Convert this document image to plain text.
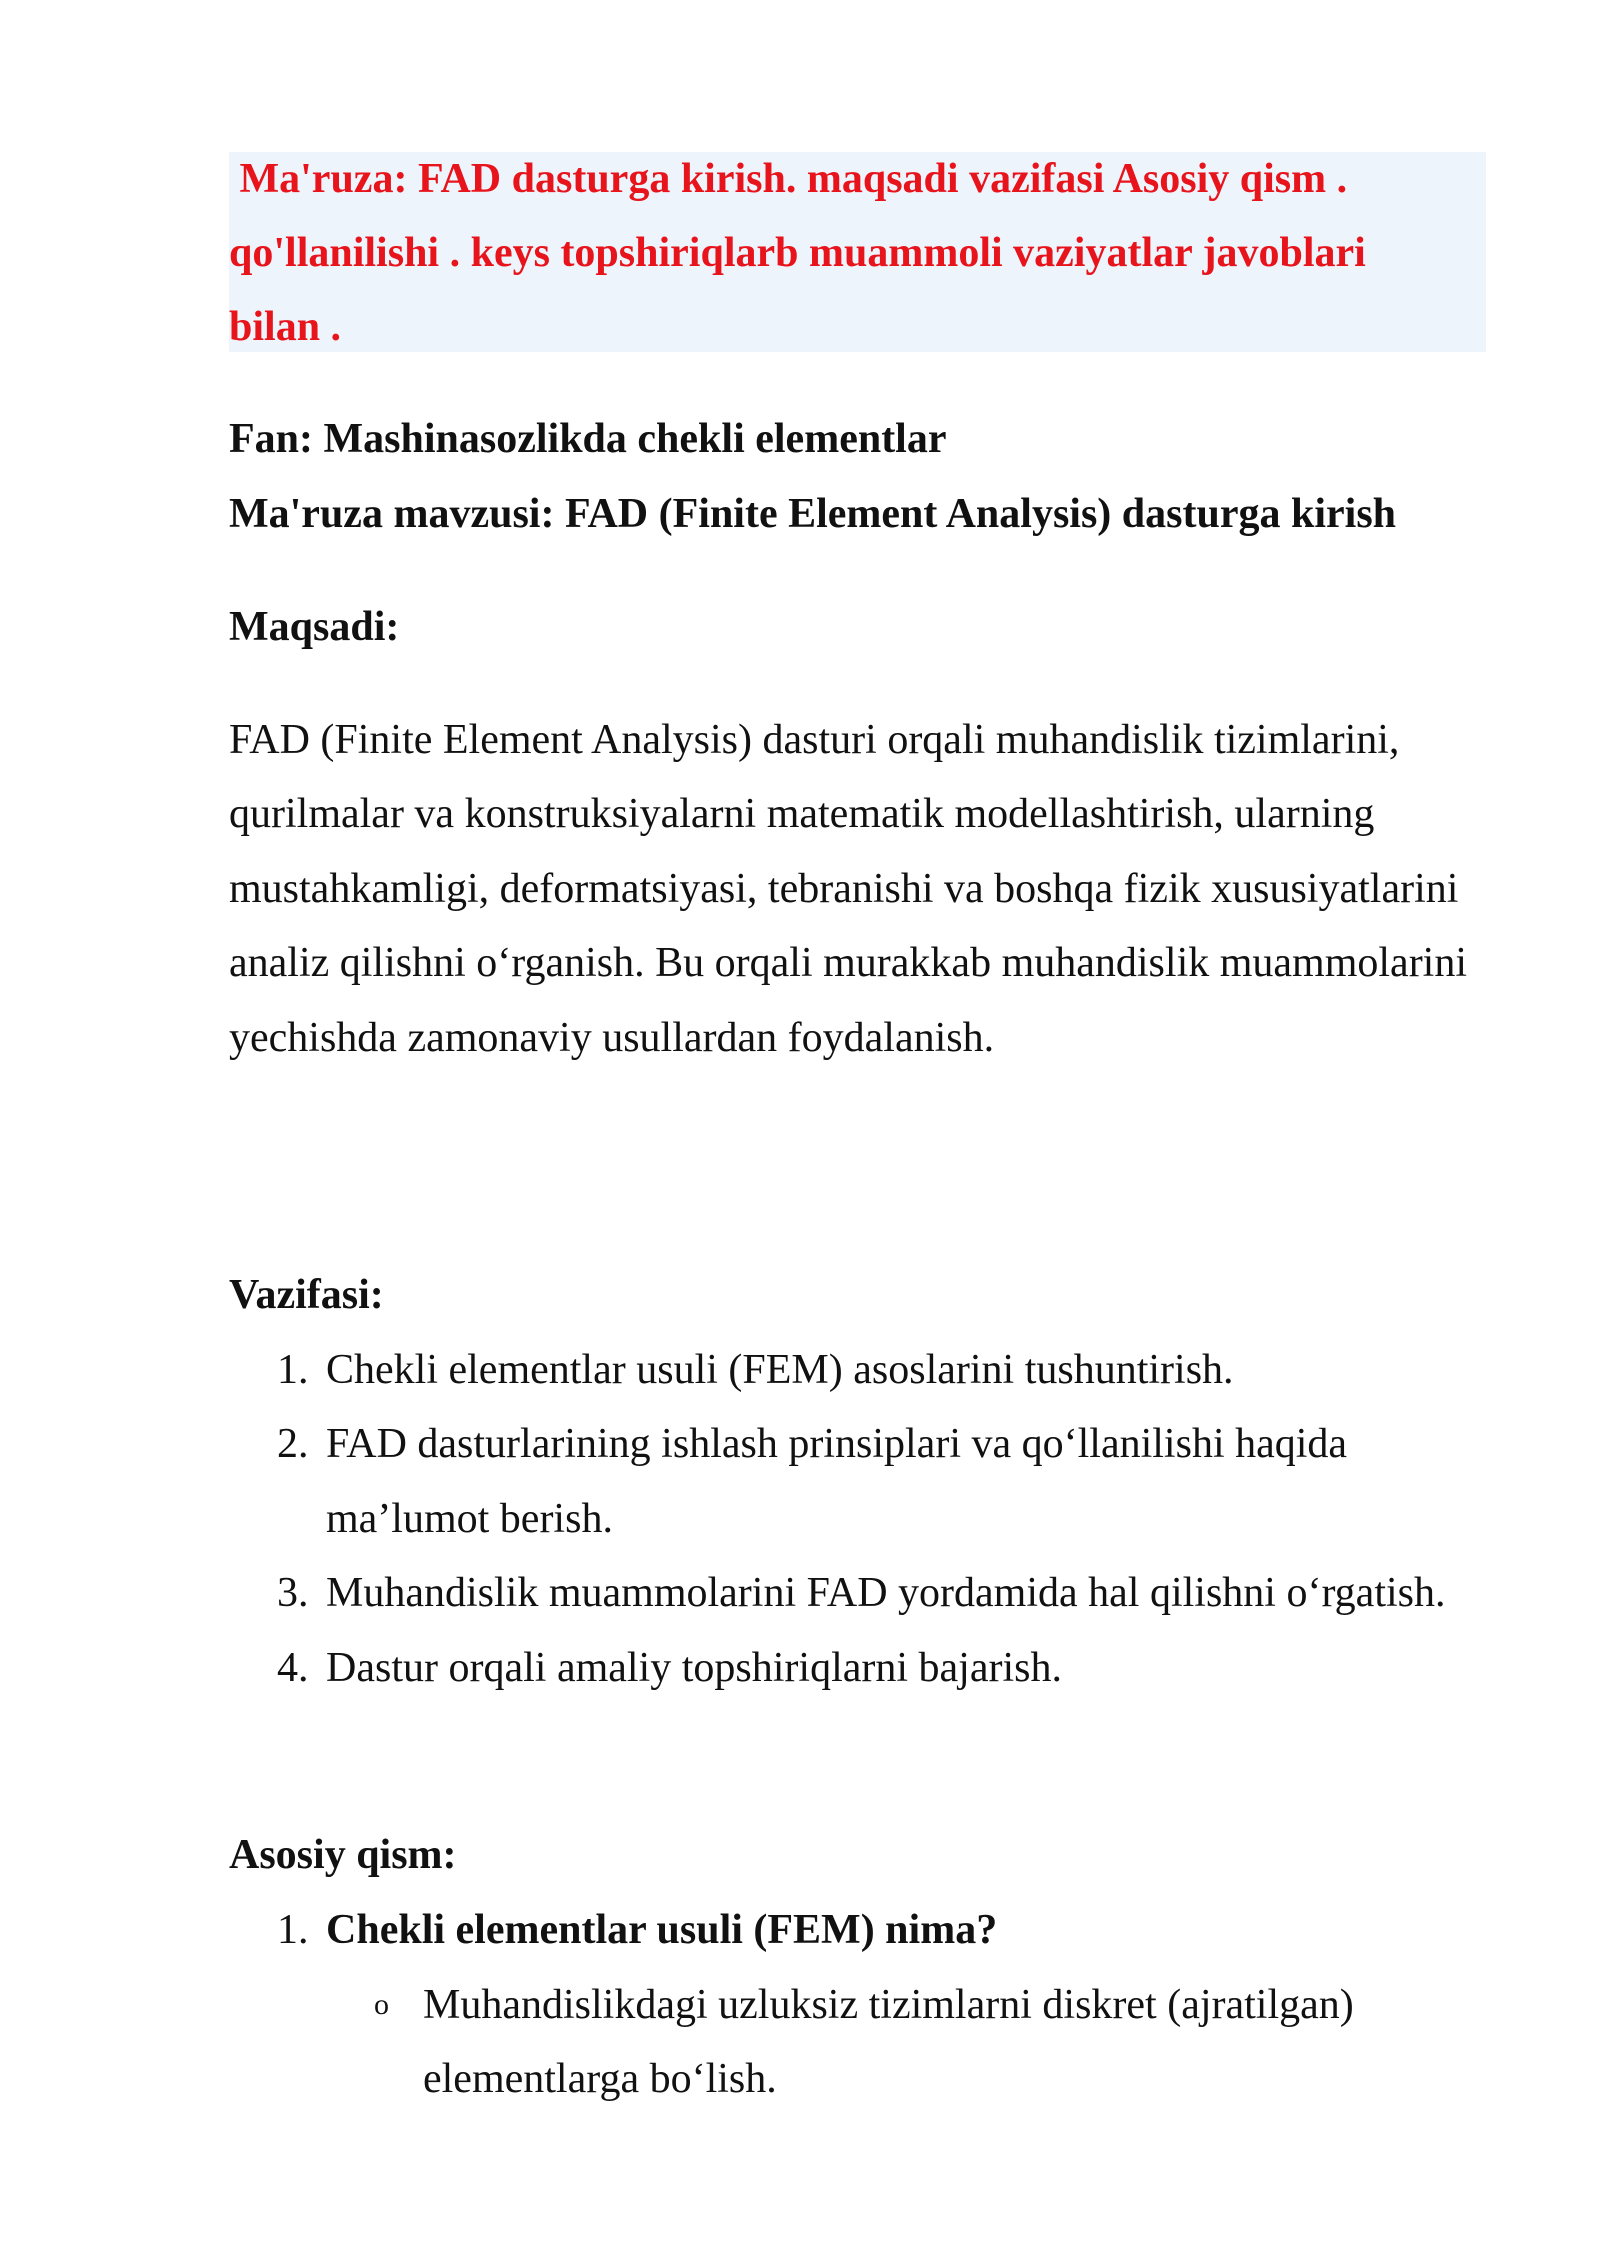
Ma'ruza: FAD dasturga kirish. maqsadi vazifasi Asosiy qism .
qo'llanilishi . keys topshiriqlarb muammoli vaziyatlar javoblari
bilan .

Fan: Mashinasozlikda chekli elementlar

Ma'ruza mavzusi: FAD (Finite Element Analysis) dasturga kirish

Maqsadi:

FAD (Finite Element Analysis) dasturi orqali muhandislik tizimlarini, qurilmalar va konstruksiyalarni matematik modellashtirish, ularning mustahkamligi, deformatsiyasi, tebranishi va boshqa fizik xususiyatlarini analiz qilishni o‘rganish. Bu orqali murakkab muhandislik muammolarini yechishda zamonaviy usullardan foydalanish.

Vazifasi:

1. Chekli elementlar usuli (FEM) asoslarini tushuntirish.
2. FAD dasturlarining ishlash prinsiplari va qo‘llanilishi haqida ma’lumot berish.
3. Muhandislik muammolarini FAD yordamida hal qilishni o‘rgatish.
4. Dastur orqali amaliy topshiriqlarni bajarish.

Asosiy qism:

1. Chekli elementlar usuli (FEM) nima?
o Muhandislikdagi uzluksiz tizimlarni diskret (ajratilgan) elementlarga bo‘lish.
